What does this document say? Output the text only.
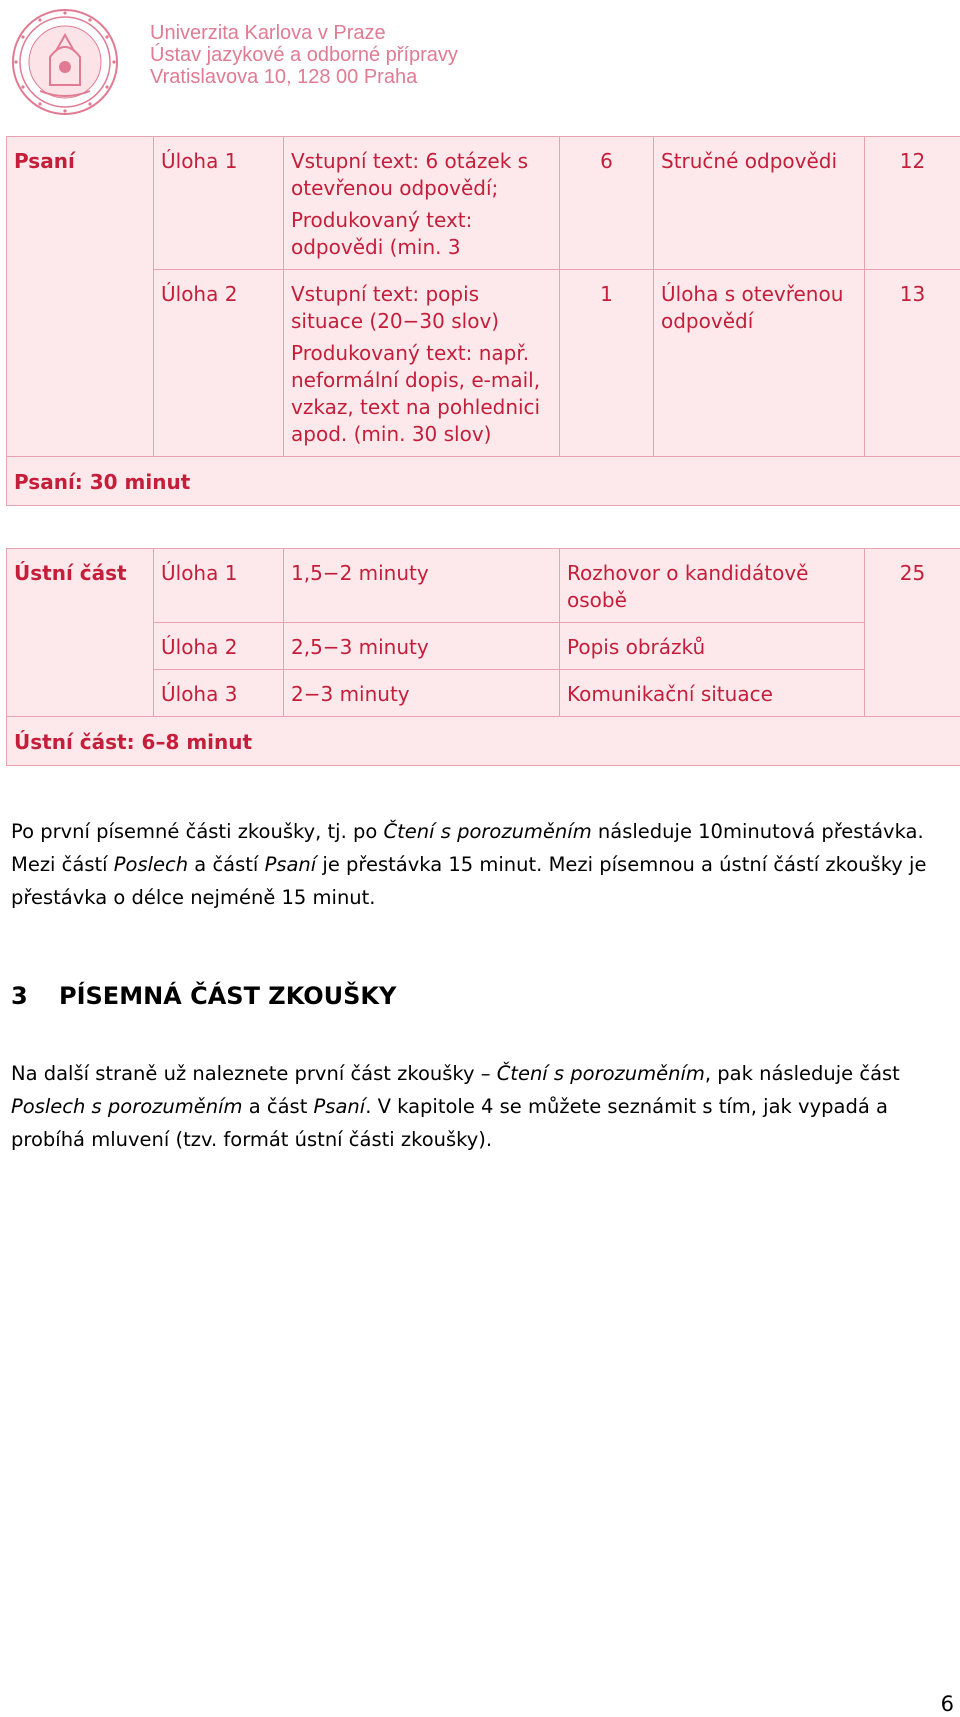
Univerzita Karlova v Praze
Ústav jazykové a odborné přípravy
Vratislavova 10, 128 00 Praha
Psaní	Úloha 1	Vstupní text: 6 otázek s otevřenou odpovědí;
Produkovaný text: odpovědi (min. 3	6	Stručné odpovědi	12
	Úloha 2	Vstupní text: popis situace (20−30 slov)
Produkovaný text: např. neformální dopis, e-mail, vzkaz, text na pohlednici apod. (min. 30 slov)	1	Úloha s otevřenou odpovědí	13
Psaní: 30 minut					
Ústní část	Úloha 1	1,5−2 minuty	Rozhovor o kandidátově osobě	25
	Úloha 2	2,5−3 minuty	Popis obrázků	
	Úloha 3	2−3 minuty	Komunikační situace	
Ústní část: 6–8 minut				
Po první písemné části zkoušky, tj. po Čtení s porozuměním následuje 10minutová přestávka. Mezi částí Poslech a částí Psaní je přestávka 15 minut. Mezi písemnou a ústní částí zkoušky je přestávka o délce nejméně 15 minut.
3 PÍSEMNÁ ČÁST ZKOUŠKY
Na další straně už naleznete první část zkoušky – Čtení s porozuměním, pak následuje část Poslech s porozuměním a část Psaní. V kapitole 4 se můžete seznámit s tím, jak vypadá a probíhá mluvení (tzv. formát ústní části zkoušky).
6
